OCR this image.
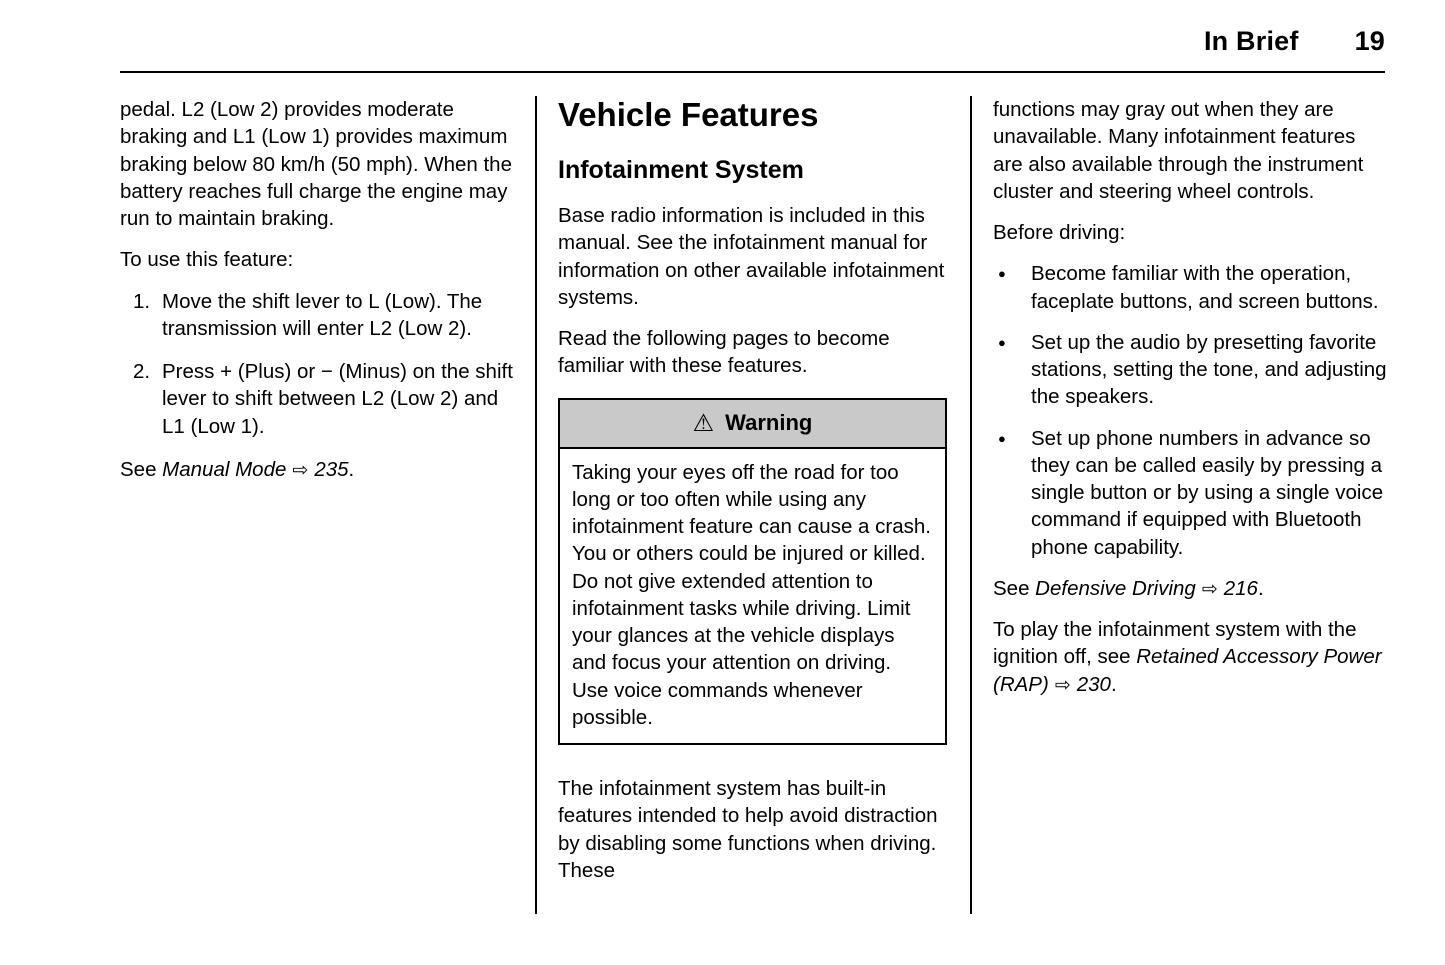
In Brief 19

pedal. L2 (Low 2) provides moderate braking and L1 (Low 1) provides maximum braking below 80 km/h (50 mph). When the battery reaches full charge the engine may run to maintain braking.

To use this feature:

1. Move the shift lever to L (Low). The transmission will enter L2 (Low 2).
2. Press + (Plus) or − (Minus) on the shift lever to shift between L2 (Low 2) and L1 (Low 1).

See Manual Mode ⇨ 235.

Vehicle Features
Infotainment System

Base radio information is included in this manual. See the infotainment manual for information on other available infotainment systems.

Read the following pages to become familiar with these features.

⚠ Warning
Taking your eyes off the road for too long or too often while using any infotainment feature can cause a crash. You or others could be injured or killed. Do not give extended attention to infotainment tasks while driving. Limit your glances at the vehicle displays and focus your attention on driving. Use voice commands whenever possible.

The infotainment system has built-in features intended to help avoid distraction by disabling some functions when driving. These

functions may gray out when they are unavailable. Many infotainment features are also available through the instrument cluster and steering wheel controls.

Before driving:

●	Become familiar with the operation, faceplate buttons, and screen buttons.
●	Set up the audio by presetting favorite stations, setting the tone, and adjusting the speakers.
●	Set up phone numbers in advance so they can be called easily by pressing a single button or by using a single voice command if equipped with Bluetooth phone capability.

See Defensive Driving ⇨ 216.

To play the infotainment system with the ignition off, see Retained Accessory Power (RAP) ⇨ 230.
